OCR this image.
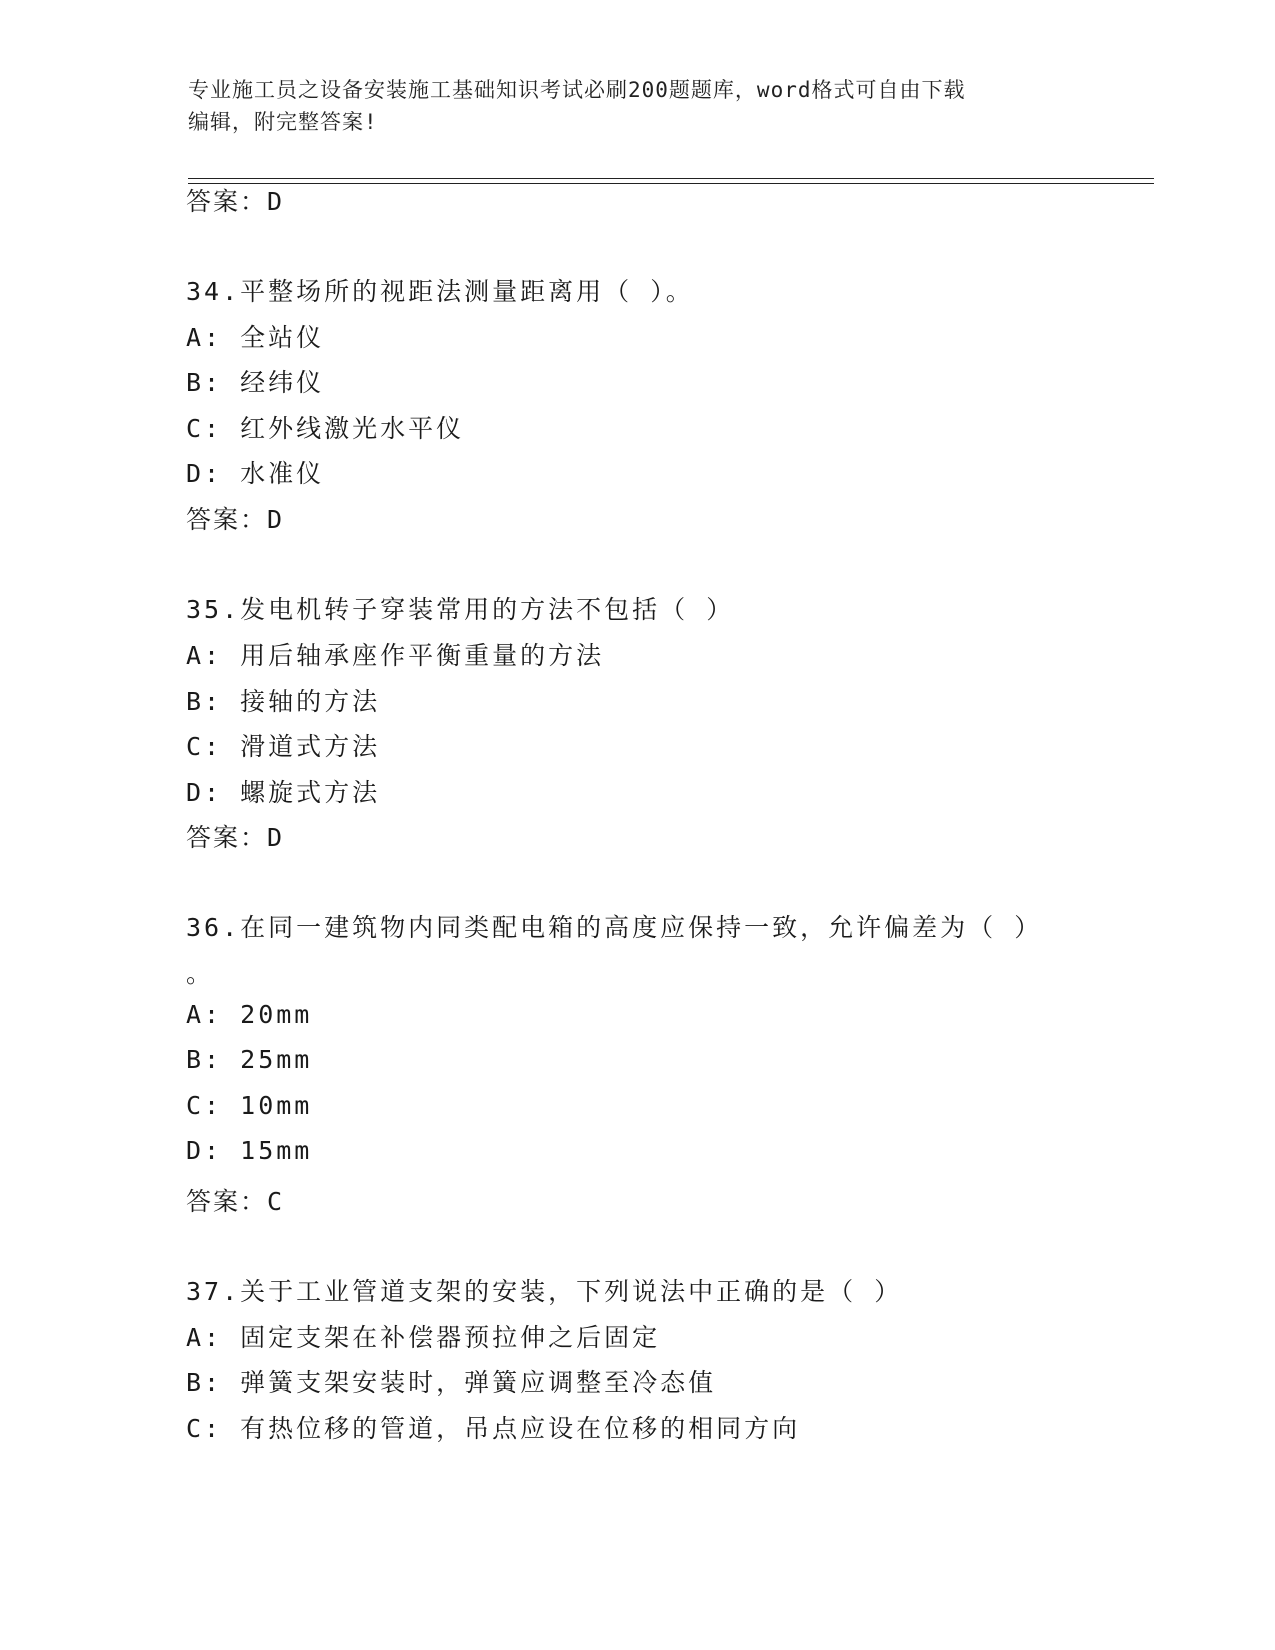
专业施工员之设备安装施工基础知识考试必刷200题题库，word格式可自由下载
编辑，附完整答案!
答案：D
34.平整场所的视距法测量距离用（ ）。
A: 全站仪
B: 经纬仪
C: 红外线激光水平仪
D: 水准仪
答案：D
35.发电机转子穿装常用的方法不包括（ ）
A: 用后轴承座作平衡重量的方法
B: 接轴的方法
C: 滑道式方法
D: 螺旋式方法
答案：D
36.在同一建筑物内同类配电箱的高度应保持一致，允许偏差为（ ）
。
A: 20mm
B: 25mm
C: 10mm
D: 15mm
答案：C
37.关于工业管道支架的安装，下列说法中正确的是（ ）
A: 固定支架在补偿器预拉伸之后固定
B: 弹簧支架安装时，弹簧应调整至冷态值
C: 有热位移的管道，吊点应设在位移的相同方向
